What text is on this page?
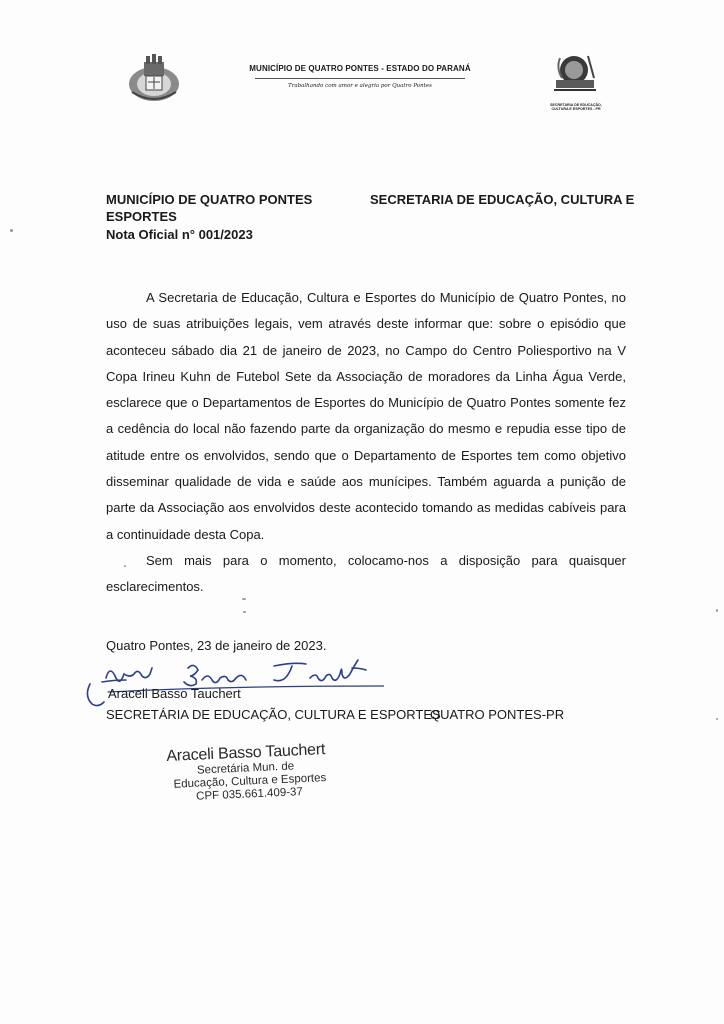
MUNICÍPIO DE QUATRO PONTES - ESTADO DO PARANÁ
Trabalhando com amor e alegria por Quatro Pontes
SECRETARIA DE EDUCAÇÃO, CULTURA E ESPORTES - PR
MUNICÍPIO DE QUATRO PONTES	SECRETARIA DE EDUCAÇÃO, CULTURA E
ESPORTES
Nota Oficial n° 001/2023

A Secretaria de Educação, Cultura e Esportes do Município de Quatro Pontes, no uso de suas atribuições legais, vem através deste informar que: sobre o episódio que aconteceu sábado dia 21 de janeiro de 2023, no Campo do Centro Poliesportivo na V Copa Irineu Kuhn de Futebol Sete da Associação de moradores da Linha Água Verde, esclarece que o Departamentos de Esportes do Município de Quatro Pontes somente fez a cedência do local não fazendo parte da organização do mesmo e repudia esse tipo de atitude entre os envolvidos, sendo que o Departamento de Esportes tem como objetivo disseminar qualidade de vida e saúde aos munícipes. Também aguarda a punição de parte da Associação aos envolvidos deste acontecido tomando as medidas cabíveis para a continuidade desta Copa.

Sem mais para o momento, colocamo-nos a disposição para quaisquer esclarecimentos.

Quatro Pontes, 23 de janeiro de 2023.
Araceli Basso Tauchert
SECRETÁRIA DE EDUCAÇÃO, CULTURA E ESPORTES
QUATRO PONTES-PR
Araceli Basso Tauchert
Secretária Mun. de
Educação, Cultura e Esportes
CPF 035.661.409-37
